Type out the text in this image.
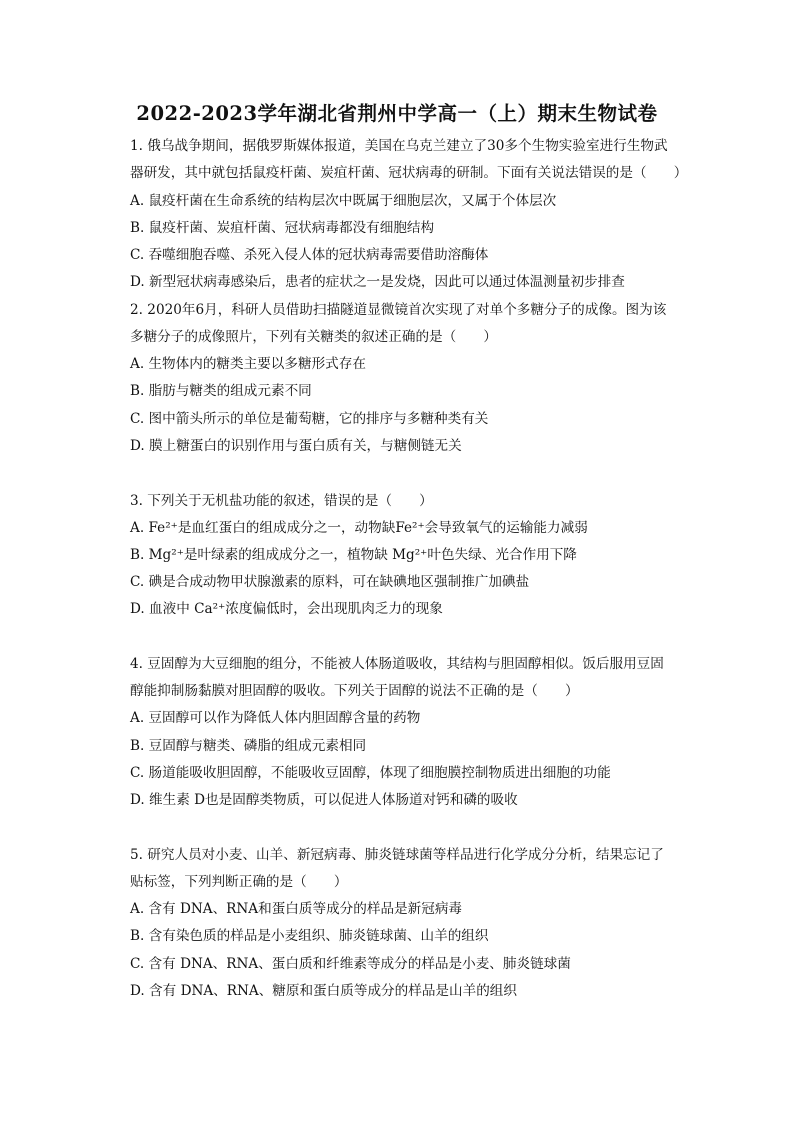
2022-2023学年湖北省荆州中学高一（上）期末生物试卷
1. 俄乌战争期间，据俄罗斯媒体报道，美国在乌克兰建立了30多个生物实验室进行生物武
器研发，其中就包括鼠疫杆菌、炭疽杆菌、冠状病毒的研制。下面有关说法错误的是（　　）
A. 鼠疫杆菌在生命系统的结构层次中既属于细胞层次，又属于个体层次
B. 鼠疫杆菌、炭疽杆菌、冠状病毒都没有细胞结构
C. 吞噬细胞吞噬、杀死入侵人体的冠状病毒需要借助溶酶体
D. 新型冠状病毒感染后，患者的症状之一是发烧，因此可以通过体温测量初步排查
2. 2020年6月，科研人员借助扫描隧道显微镜首次实现了对单个多糖分子的成像。图为该
多糖分子的成像照片，下列有关糖类的叙述正确的是（　　）
A. 生物体内的糖类主要以多糖形式存在
B. 脂肪与糖类的组成元素不同
C. 图中箭头所示的单位是葡萄糖，它的排序与多糖种类有关
D. 膜上糖蛋白的识别作用与蛋白质有关，与糖侧链无关
3. 下列关于无机盐功能的叙述，错误的是（　　）
A. Fe²⁺是血红蛋白的组成成分之一，动物缺Fe²⁺会导致氧气的运输能力减弱
B. Mg²⁺是叶绿素的组成成分之一，植物缺 Mg²⁺叶色失绿、光合作用下降
C. 碘是合成动物甲状腺激素的原料，可在缺碘地区强制推广加碘盐
D. 血液中 Ca²⁺浓度偏低时，会出现肌肉乏力的现象
4. 豆固醇为大豆细胞的组分，不能被人体肠道吸收，其结构与胆固醇相似。饭后服用豆固
醇能抑制肠黏膜对胆固醇的吸收。下列关于固醇的说法不正确的是（　　）
A. 豆固醇可以作为降低人体内胆固醇含量的药物
B. 豆固醇与糖类、磷脂的组成元素相同
C. 肠道能吸收胆固醇，不能吸收豆固醇，体现了细胞膜控制物质进出细胞的功能
D. 维生素 D也是固醇类物质，可以促进人体肠道对钙和磷的吸收
5. 研究人员对小麦、山羊、新冠病毒、肺炎链球菌等样品进行化学成分分析，结果忘记了
贴标签，下列判断正确的是（　　）
A. 含有 DNA、RNA和蛋白质等成分的样品是新冠病毒
B. 含有染色质的样品是小麦组织、肺炎链球菌、山羊的组织
C. 含有 DNA、RNA、蛋白质和纤维素等成分的样品是小麦、肺炎链球菌
D. 含有 DNA、RNA、糖原和蛋白质等成分的样品是山羊的组织
